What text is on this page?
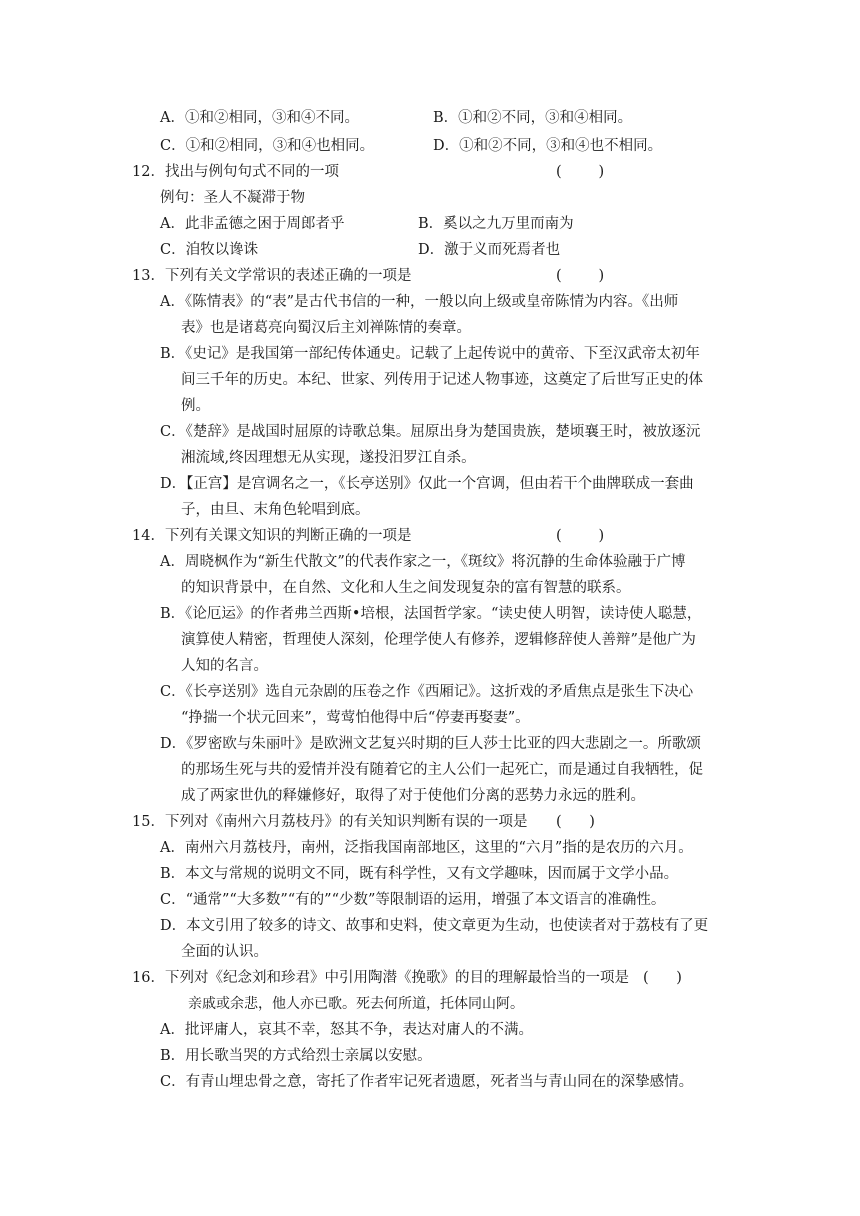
A．①和②相同，③和④不同。	B．①和②不同，③和④相同。
C．①和②相同，③和④也相同。	D．①和②不同，③和④也不相同。
12．找出与例句句式不同的一项	(        )
例句：圣人不凝滞于物
A．此非孟德之困于周郎者乎	B．奚以之九万里而南为
C．洎牧以谗诛	D．激于义而死焉者也
13．下列有关文学常识的表述正确的一项是	(        )
A．《陈情表》的“表”是古代书信的一种，一般以向上级或皇帝陈情为内容。《出师
表》也是诸葛亮向蜀汉后主刘禅陈情的奏章。
B．《史记》是我国第一部纪传体通史。记载了上起传说中的黄帝、下至汉武帝太初年
间三千年的历史。本纪、世家、列传用于记述人物事迹，这奠定了后世写正史的体
例。
C．《楚辞》是战国时屈原的诗歌总集。屈原出身为楚国贵族，楚顷襄王时，被放逐沅
湘流域,终因理想无从实现，遂投汨罗江自杀。
D．【正宫】是宫调名之一，《长亭送别》仅此一个宫调，但由若干个曲牌联成一套曲
子，由旦、末角色轮唱到底。
14．下列有关课文知识的判断正确的一项是	(        )
A．周晓枫作为“新生代散文”的代表作家之一，《斑纹》将沉静的生命体验融于广博
的知识背景中，在自然、文化和人生之间发现复杂的富有智慧的联系。
B．《论厄运》的作者弗兰西斯•培根，法国哲学家。“读史使人明智，读诗使人聪慧，
演算使人精密，哲理使人深刻，伦理学使人有修养，逻辑修辞使人善辩”是他广为
人知的名言。
C．《长亭送别》选自元杂剧的压卷之作《西厢记》。这折戏的矛盾焦点是张生下决心
“挣揣一个状元回来”，莺莺怕他得中后“停妻再娶妻”。
D．《罗密欧与朱丽叶》是欧洲文艺复兴时期的巨人莎士比亚的四大悲剧之一。所歌颂
的那场生死与共的爱情并没有随着它的主人公们一起死亡，而是通过自我牺牲，促
成了两家世仇的释嫌修好，取得了对于使他们分离的恶势力永远的胜利。
15．下列对《南州六月荔枝丹》的有关知识判断有误的一项是 (      )
A．南州六月荔枝丹，南州，泛指我国南部地区，这里的“六月”指的是农历的六月。
B．本文与常规的说明文不同，既有科学性，又有文学趣味，因而属于文学小品。
C．“通常”“大多数”“有的”“少数”等限制语的运用，增强了本文语言的准确性。
D．本文引用了较多的诗文、故事和史料，使文章更为生动，也使读者对于荔枝有了更
全面的认识。
16．下列对《纪念刘和珍君》中引用陶潜《挽歌》的目的理解最恰当的一项是 (      )
亲戚或余悲，他人亦已歌。死去何所道，托体同山阿。
A．批评庸人，哀其不幸，怒其不争，表达对庸人的不满。
B．用长歌当哭的方式给烈士亲属以安慰。
C．有青山埋忠骨之意，寄托了作者牢记死者遗愿，死者当与青山同在的深挚感情。
